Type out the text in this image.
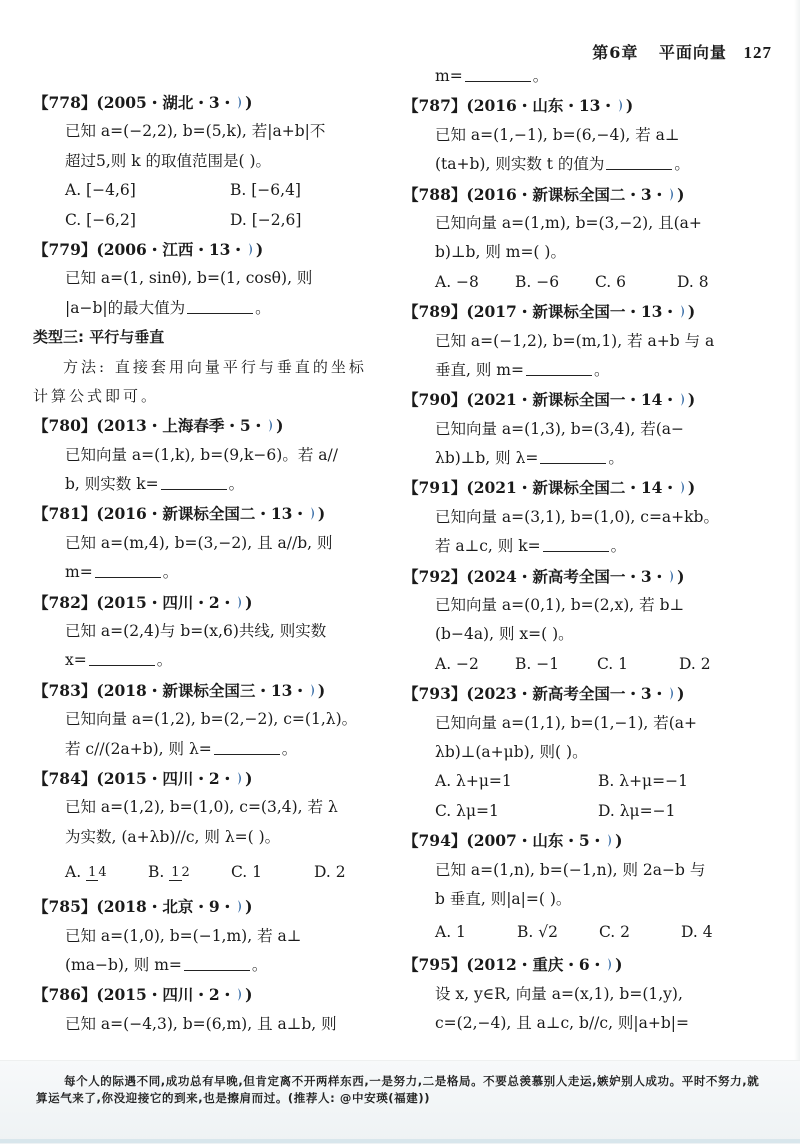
第6章 平面向量 127
【778】(2005・湖北・3・ )
已知 a=(−2,2), b=(5,k), 若|a+b|不
超过5,则 k 的取值范围是( )。
A. [−4,6]	B. [−6,4]
C. [−6,2]	D. [−2,6]
【779】(2006・江西・13・ )
已知 a=(1, sinθ), b=(1, cosθ), 则
|a−b|的最大值为	。
类型三: 平行与垂直
方法: 直接套用向量平行与垂直的坐标
计算公式即可。
【780】(2013・上海春季・5・ )
已知向量 a=(1,k), b=(9,k−6)。若 a//
b, 则实数 k=	。
【781】(2016・新课标全国二・13・ )
已知 a=(m,4), b=(3,−2), 且 a//b, 则
m=	。
【782】(2015・四川・2・ )
已知 a=(2,4)与 b=(x,6)共线, 则实数
x=	。
【783】(2018・新课标全国三・13・ )
已知向量 a=(1,2), b=(2,−2), c=(1,λ)。
若 c//(2a+b), 则 λ=	。
【784】(2015・四川・2・ )
已知 a=(1,2), b=(1,0), c=(3,4), 若 λ
为实数, (a+λb)//c, 则 λ=( )。
A. 1 4	B. 1 2	C. 1	D. 2
【785】(2018・北京・9・ )
已知 a=(1,0), b=(−1,m), 若 a⊥
(ma−b), 则 m=	。
【786】(2015・四川・2・ )
已知 a=(−4,3), b=(6,m), 且 a⊥b, 则
m=	。
【787】(2016・山东・13・ )
已知 a=(1,−1), b=(6,−4), 若 a⊥
(ta+b), 则实数 t 的值为	。
【788】(2016・新课标全国二・3・ )
已知向量 a=(1,m), b=(3,−2), 且(a+
b)⊥b, 则 m=( )。
A. −8	B. −6	C. 6	D. 8
【789】(2017・新课标全国一・13・ )
已知 a=(−1,2), b=(m,1), 若 a+b 与 a
垂直, 则 m=	。
【790】(2021・新课标全国一・14・ )
已知向量 a=(1,3), b=(3,4), 若(a−
λb)⊥b, 则 λ=	。
【791】(2021・新课标全国二・14・ )
已知向量 a=(3,1), b=(1,0), c=a+kb。
若 a⊥c, 则 k=	。
【792】(2024・新高考全国一・3・ )
已知向量 a=(0,1), b=(2,x), 若 b⊥
(b−4a), 则 x=( )。
A. −2	B. −1	C. 1	D. 2
【793】(2023・新高考全国一・3・ )
已知向量 a=(1,1), b=(1,−1), 若(a+
λb)⊥(a+μb), 则( )。
A. λ+μ=1	B. λ+μ=−1
C. λμ=1	D. λμ=−1
【794】(2007・山东・5・ )
已知 a=(1,n), b=(−1,n), 则 2a−b 与
b 垂直, 则|a|=( )。
A. 1	B. √2	C. 2	D. 4
【795】(2012・重庆・6・ )
设 x, y∈R, 向量 a=(x,1), b=(1,y),
c=(2,−4), 且 a⊥c, b//c, 则|a+b|=
每个人的际遇不同,成功总有早晚,但肯定离不开两样东西,一是努力,二是格局。不要总羡慕别人走运,嫉妒别人成功。平时不努力,就算运气来了,你没迎接它的到来,也是擦肩而过。(推荐人: @中安瑛(福建))
